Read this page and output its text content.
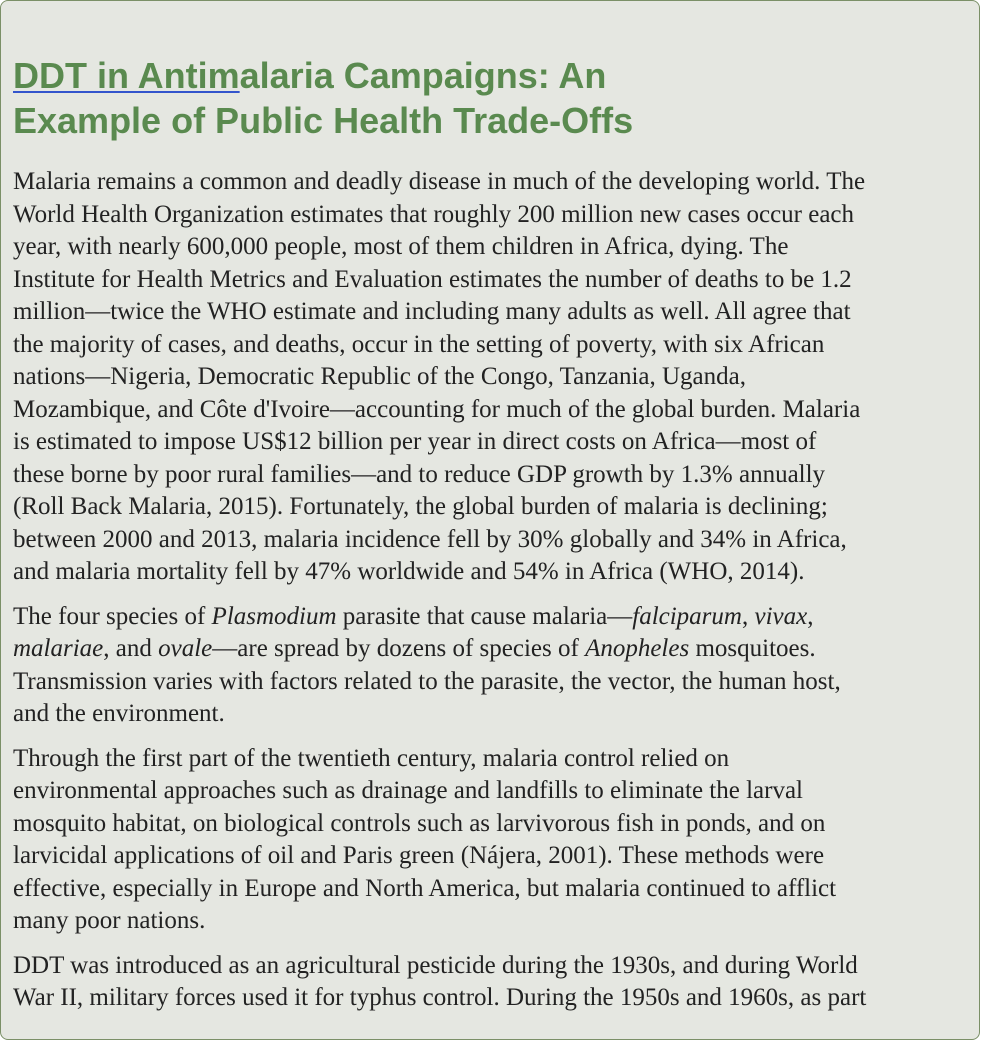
DDT in Antimalaria Campaigns: An
Example of Public Health Trade-Offs

Malaria remains a common and deadly disease in much of the developing world. The
World Health Organization estimates that roughly 200 million new cases occur each
year, with nearly 600,000 people, most of them children in Africa, dying. The
Institute for Health Metrics and Evaluation estimates the number of deaths to be 1.2
million—twice the WHO estimate and including many adults as well. All agree that
the majority of cases, and deaths, occur in the setting of poverty, with six African
nations—Nigeria, Democratic Republic of the Congo, Tanzania, Uganda,
Mozambique, and Côte d'Ivoire—accounting for much of the global burden. Malaria
is estimated to impose US$12 billion per year in direct costs on Africa—most of
these borne by poor rural families—and to reduce GDP growth by 1.3% annually
(Roll Back Malaria, 2015). Fortunately, the global burden of malaria is declining;
between 2000 and 2013, malaria incidence fell by 30% globally and 34% in Africa,
and malaria mortality fell by 47% worldwide and 54% in Africa (WHO, 2014).

The four species of Plasmodium parasite that cause malaria—falciparum, vivax,
malariae, and ovale—are spread by dozens of species of Anopheles mosquitoes.
Transmission varies with factors related to the parasite, the vector, the human host,
and the environment.

Through the first part of the twentieth century, malaria control relied on
environmental approaches such as drainage and landfills to eliminate the larval
mosquito habitat, on biological controls such as larvivorous fish in ponds, and on
larvicidal applications of oil and Paris green (Nájera, 2001). These methods were
effective, especially in Europe and North America, but malaria continued to afflict
many poor nations.

DDT was introduced as an agricultural pesticide during the 1930s, and during World
War II, military forces used it for typhus control. During the 1950s and 1960s, as part
